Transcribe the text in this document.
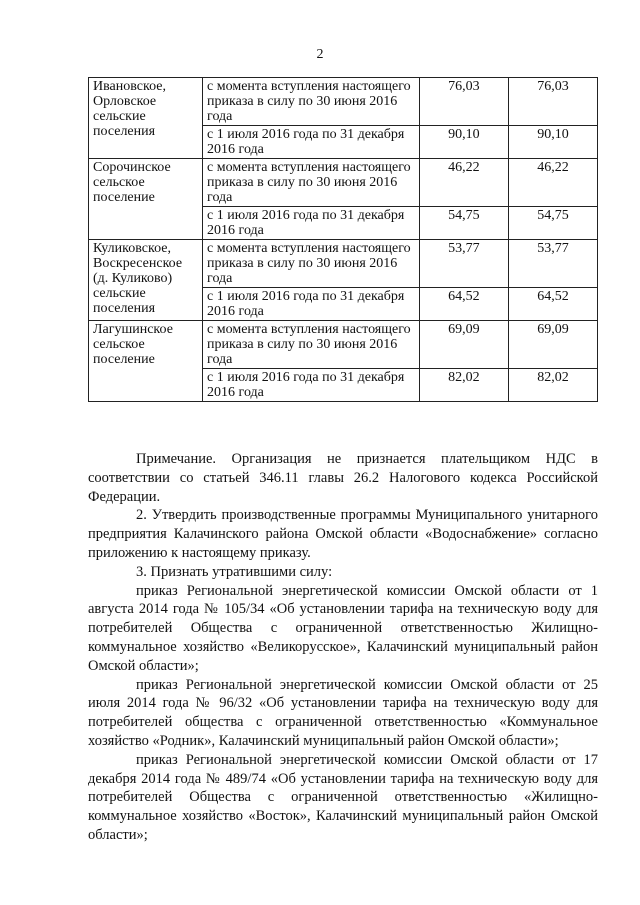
2
Ивановское, Орловское сельские поселения	с момента вступления настоящего приказа в силу по 30 июня 2016 года	76,03	76,03
	с 1 июля 2016 года по 31 декабря 2016 года	90,10	90,10
Сорочинское сельское поселение	с момента вступления настоящего приказа в силу по 30 июня 2016 года	46,22	46,22
	с 1 июля 2016 года по 31 декабря 2016 года	54,75	54,75
Куликовское, Воскресенское (д. Куликово) сельские поселения	с момента вступления настоящего приказа в силу по 30 июня 2016 года	53,77	53,77
	с 1 июля 2016 года по 31 декабря 2016 года	64,52	64,52
Лагушинское сельское поселение	с момента вступления настоящего приказа в силу по 30 июня 2016 года	69,09	69,09
	с 1 июля 2016 года по 31 декабря 2016 года	82,02	82,02

Примечание. Организация не признается плательщиком НДС в соответствии со статьей 346.11 главы 26.2 Налогового кодекса Российской Федерации.

2. Утвердить производственные программы Муниципального унитарного предприятия Калачинского района Омской области «Водоснабжение» согласно приложению к настоящему приказу.

3. Признать утратившими силу:

приказ Региональной энергетической комиссии Омской области от 1 августа 2014 года № 105/34 «Об установлении тарифа на техническую воду для потребителей Общества с ограниченной ответственностью Жилищно-коммунальное хозяйство «Великорусское», Калачинский муниципальный район Омской области»;

приказ Региональной энергетической комиссии Омской области от 25 июля 2014 года № 96/32 «Об установлении тарифа на техническую воду для потребителей общества с ограниченной ответственностью «Коммунальное хозяйство «Родник», Калачинский муниципальный район Омской области»;

приказ Региональной энергетической комиссии Омской области от 17 декабря 2014 года № 489/74 «Об установлении тарифа на техническую воду для потребителей Общества с ограниченной ответственностью «Жилищно-коммунальное хозяйство «Восток», Калачинский муниципальный район Омской области»;
